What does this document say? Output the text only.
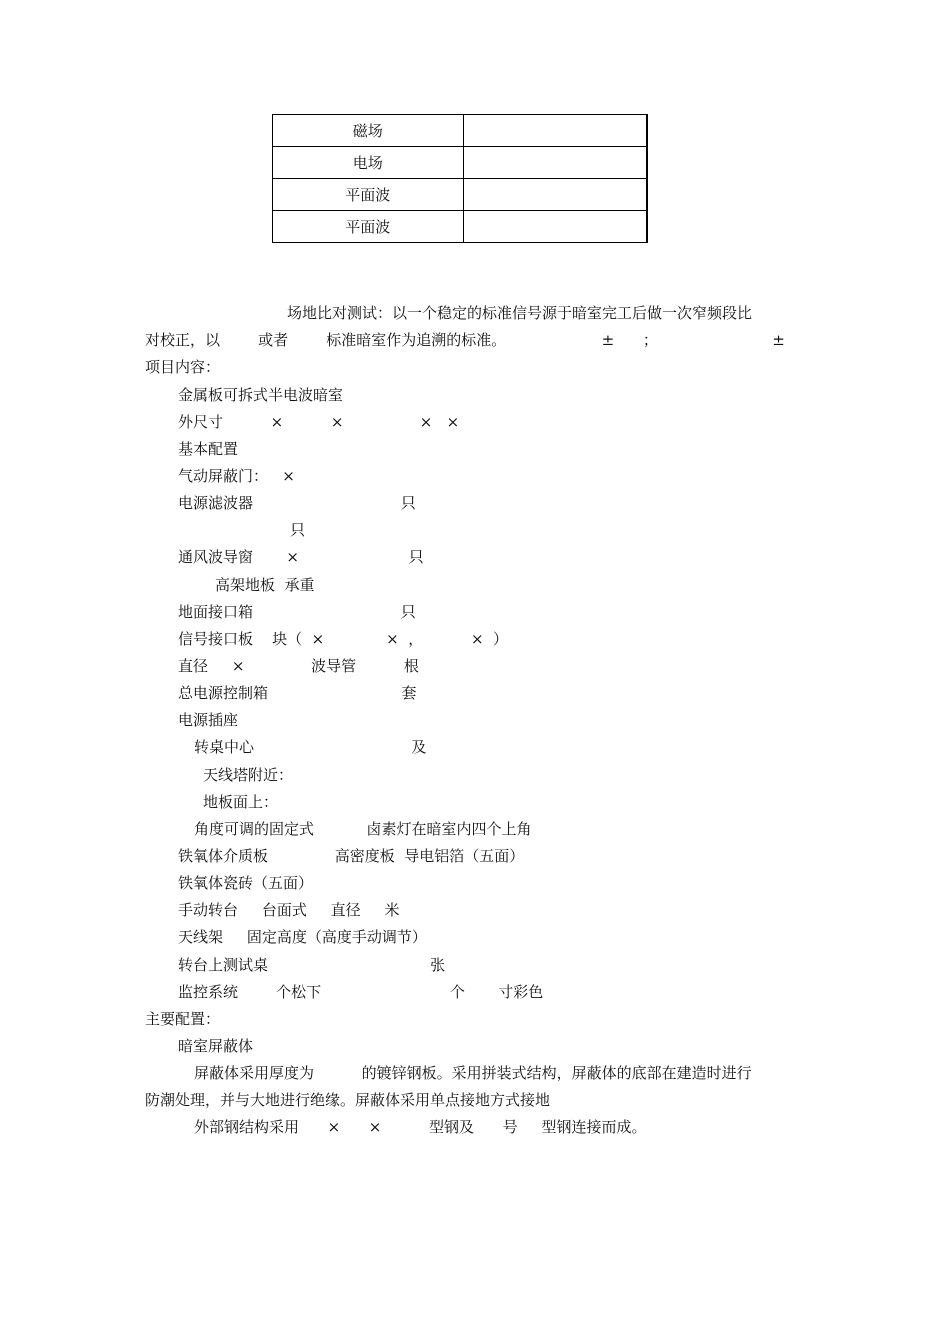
磁场	
电场	
平面波	
平面波	
场地比对测试：以一个稳定的标准信号源于暗室完工后做一次窄频段比
对校正，以        或者        标准暗室作为追溯的标准。                    ±      ；                        ±
项目内容：
金属板可拆式半电波暗室
外尺寸          ×          ×                ×   ×
基本配置
气动屏蔽门：   ×
电源滤波器                               只
只
通风波导窗       ×                       只
高架地板  承重
地面接口箱                               只
信号接口板    块（  ×             ×  ，          ×  ）
直径     ×              波导管          根
总电源控制箱                            套
电源插座
转桌中心                                 及
天线塔附近：
地板面上：
角度可调的固定式           卤素灯在暗室内四个上角
铁氧体介质板              高密度板  导电铝箔（五面）
铁氧体瓷砖（五面）
手动转台     台面式     直径     米
天线架     固定高度（高度手动调节）
转台上测试桌                                  张
监控系统        个松下                           个       寸彩色
主要配置：
暗室屏蔽体
屏蔽体采用厚度为          的镀锌钢板。采用拼装式结构，屏蔽体的底部在建造时进行
防潮处理，并与大地进行绝缘。屏蔽体采用单点接地方式接地
外部钢结构采用      ×      ×          型钢及      号     型钢连接而成。
